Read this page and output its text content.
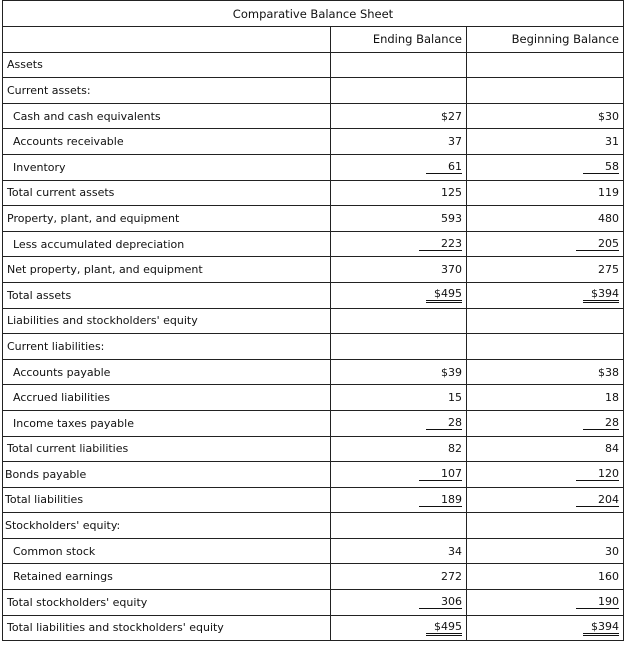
Comparative Balance Sheet		
	Ending Balance	Beginning Balance
Assets		
Current assets:		
Cash and cash equivalents	$27	$30
Accounts receivable	37	31
Inventory	61	58
Total current assets	125	119
Property, plant, and equipment	593	480
Less accumulated depreciation	223	205
Net property, plant, and equipment	370	275
Total assets	$495	$394
Liabilities and stockholders' equity		
Current liabilities:		
Accounts payable	$39	$38
Accrued liabilities	15	18
Income taxes payable	28	28
Total current liabilities	82	84
Bonds payable	107	120
Total liabilities	189	204
Stockholders' equity:		
Common stock	34	30
Retained earnings	272	160
Total stockholders' equity	306	190
Total liabilities and stockholders' equity	$495	$394
